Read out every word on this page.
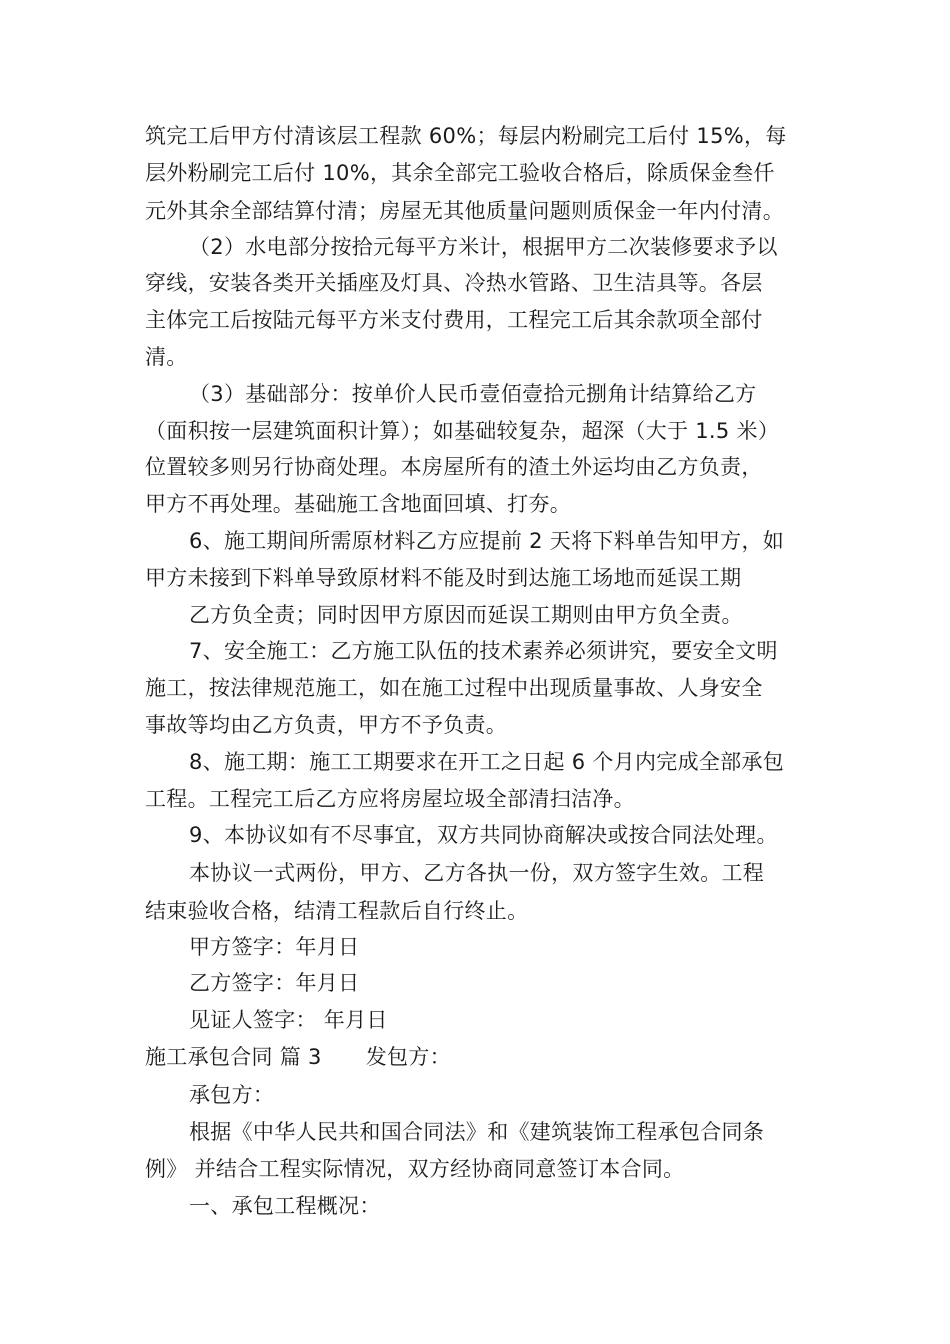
筑完工后甲方付清该层工程款 60%；每层内粉刷完工后付 15%，每
层外粉刷完工后付 10%，其余全部完工验收合格后，除质保金叁仟
元外其余全部结算付清；房屋无其他质量问题则质保金一年内付清。
（2）水电部分按拾元每平方米计，根据甲方二次装修要求予以
穿线，安装各类开关插座及灯具、冷热水管路、卫生洁具等。各层
主体完工后按陆元每平方米支付费用，工程完工后其余款项全部付
清。
（3）基础部分：按单价人民币壹佰壹拾元捌角计结算给乙方
（面积按一层建筑面积计算）；如基础较复杂，超深（大于 1.5 米）
位置较多则另行协商处理。本房屋所有的渣土外运均由乙方负责，
甲方不再处理。基础施工含地面回填、打夯。
6、施工期间所需原材料乙方应提前 2 天将下料单告知甲方，如
甲方未接到下料单导致原材料不能及时到达施工场地而延误工期
乙方负全责；同时因甲方原因而延误工期则由甲方负全责。
7、安全施工：乙方施工队伍的技术素养必须讲究，要安全文明
施工，按法律规范施工，如在施工过程中出现质量事故、人身安全
事故等均由乙方负责，甲方不予负责。
8、施工期：施工工期要求在开工之日起 6 个月内完成全部承包
工程。工程完工后乙方应将房屋垃圾全部清扫洁净。
9、本协议如有不尽事宜，双方共同协商解决或按合同法处理。
本协议一式两份，甲方、乙方各执一份，双方签字生效。工程
结束验收合格，结清工程款后自行终止。
甲方签字：年月日
乙方签字：年月日
见证人签字： 年月日
施工承包合同 篇 3 发包方：
承包方：
根据《中华人民共和国合同法》和《建筑装饰工程承包合同条
例》 并结合工程实际情况，双方经协商同意签订本合同。
一、承包工程概况：
